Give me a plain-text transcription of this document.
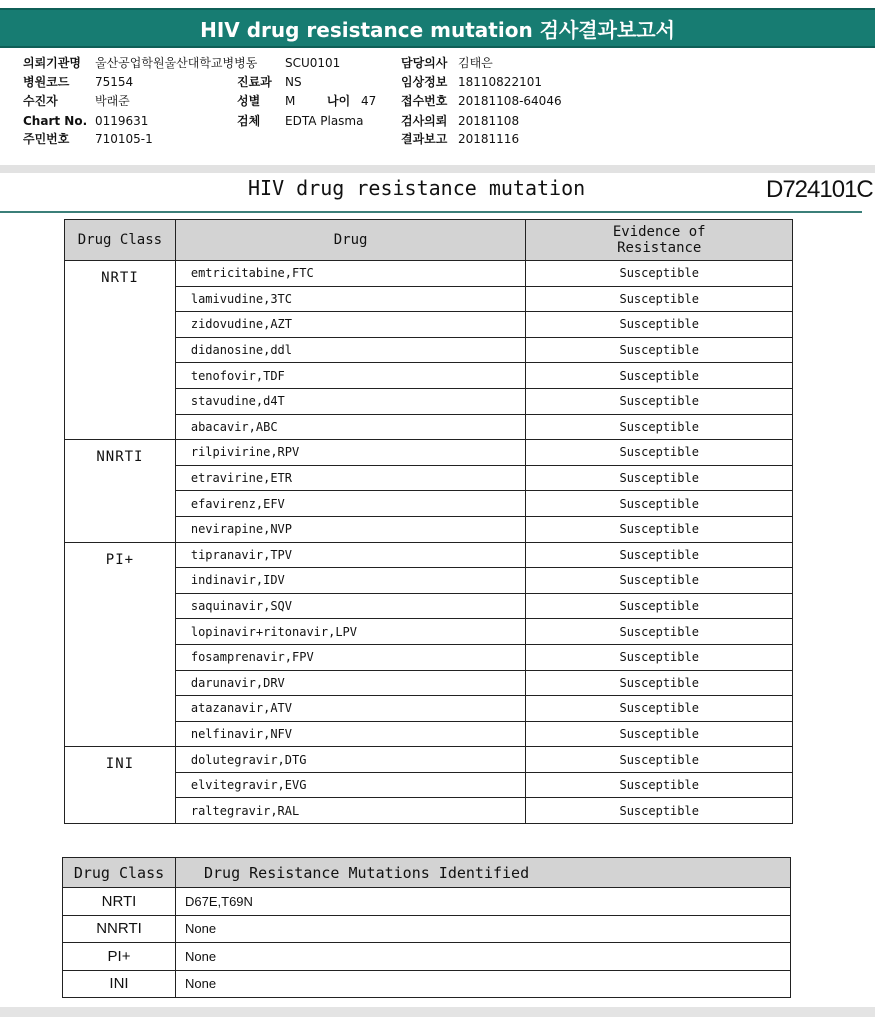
HIV drug resistance mutation 검사결과보고서
의뢰기관명 울산공업학원울산대학교병병동
병원코드 75154
수진자	박래준
Chart No. 0119631
주민번호 710105-1
SCU0101
진료과 NS
성별 M	나이 47
검체 EDTA Plasma
담당의사 김태은
임상정보 18110822101
접수번호 20181108-64046
검사의뢰 20181108
결과보고 20181116
HIV drug resistance mutation	D724101C
Drug Class	Drug	Evidence of
Resistance
NRTI	emtricitabine,FTC	Susceptible
	lamivudine,3TC	Susceptible
	zidovudine,AZT	Susceptible
	didanosine,ddl	Susceptible
	tenofovir,TDF	Susceptible
	stavudine,d4T	Susceptible
	abacavir,ABC	Susceptible
NNRTI	rilpivirine,RPV	Susceptible
	etravirine,ETR	Susceptible
	efavirenz,EFV	Susceptible
	nevirapine,NVP	Susceptible
PI+	tipranavir,TPV	Susceptible
	indinavir,IDV	Susceptible
	saquinavir,SQV	Susceptible
	lopinavir+ritonavir,LPV	Susceptible
	fosamprenavir,FPV	Susceptible
	darunavir,DRV	Susceptible
	atazanavir,ATV	Susceptible
	nelfinavir,NFV	Susceptible
INI	dolutegravir,DTG	Susceptible
	elvitegravir,EVG	Susceptible
	raltegravir,RAL	Susceptible
Drug Class	Drug Resistance Mutations Identified
NRTI	D67E,T69N
NNRTI	None
PI+	None
INI	None
